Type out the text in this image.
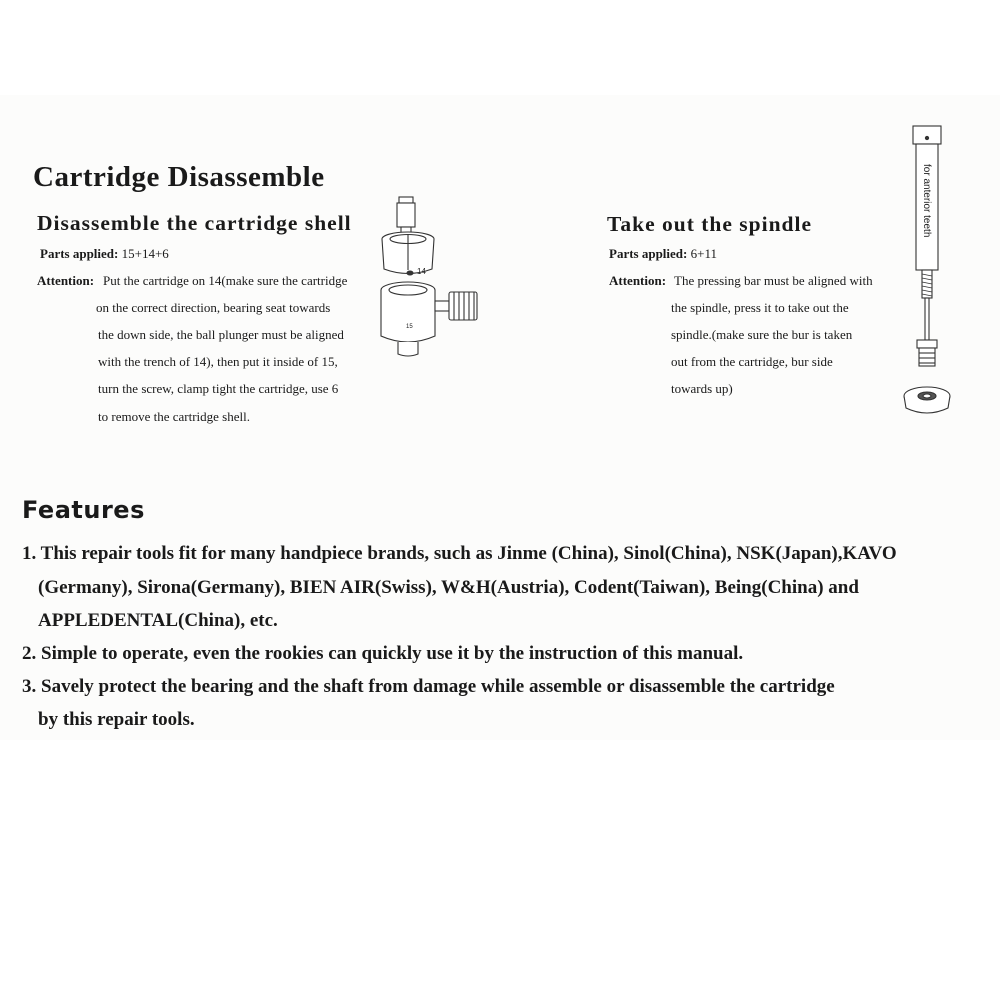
Cartridge Disassemble
Disassemble the cartridge shell
Parts applied: 15+14+6
Attention: Put the cartridge on 14(make sure the cartridge
on the correct direction, bearing seat towards
the down side, the ball plunger must be aligned
with the trench of 14), then put it inside of 15,
turn the screw, clamp tight the cartridge, use 6
to remove the cartridge shell.
14
15
Take out the spindle
Parts applied: 6+11
Attention: The pressing bar must be aligned with
the spindle, press it to take out the
spindle.(make sure the bur is taken
out from the cartridge, bur side
towards up)
for anterior teeth
Features
1. This repair tools fit for many handpiece brands, such as Jinme (China), Sinol(China), NSK(Japan),KAVO
(Germany), Sirona(Germany), BIEN AIR(Swiss), W&H(Austria), Codent(Taiwan), Being(China) and
APPLEDENTAL(China), etc.
2. Simple to operate, even the rookies can quickly use it by the instruction of this manual.
3. Savely protect the bearing and the shaft from damage while assemble or disassemble the cartridge
by this repair tools.
